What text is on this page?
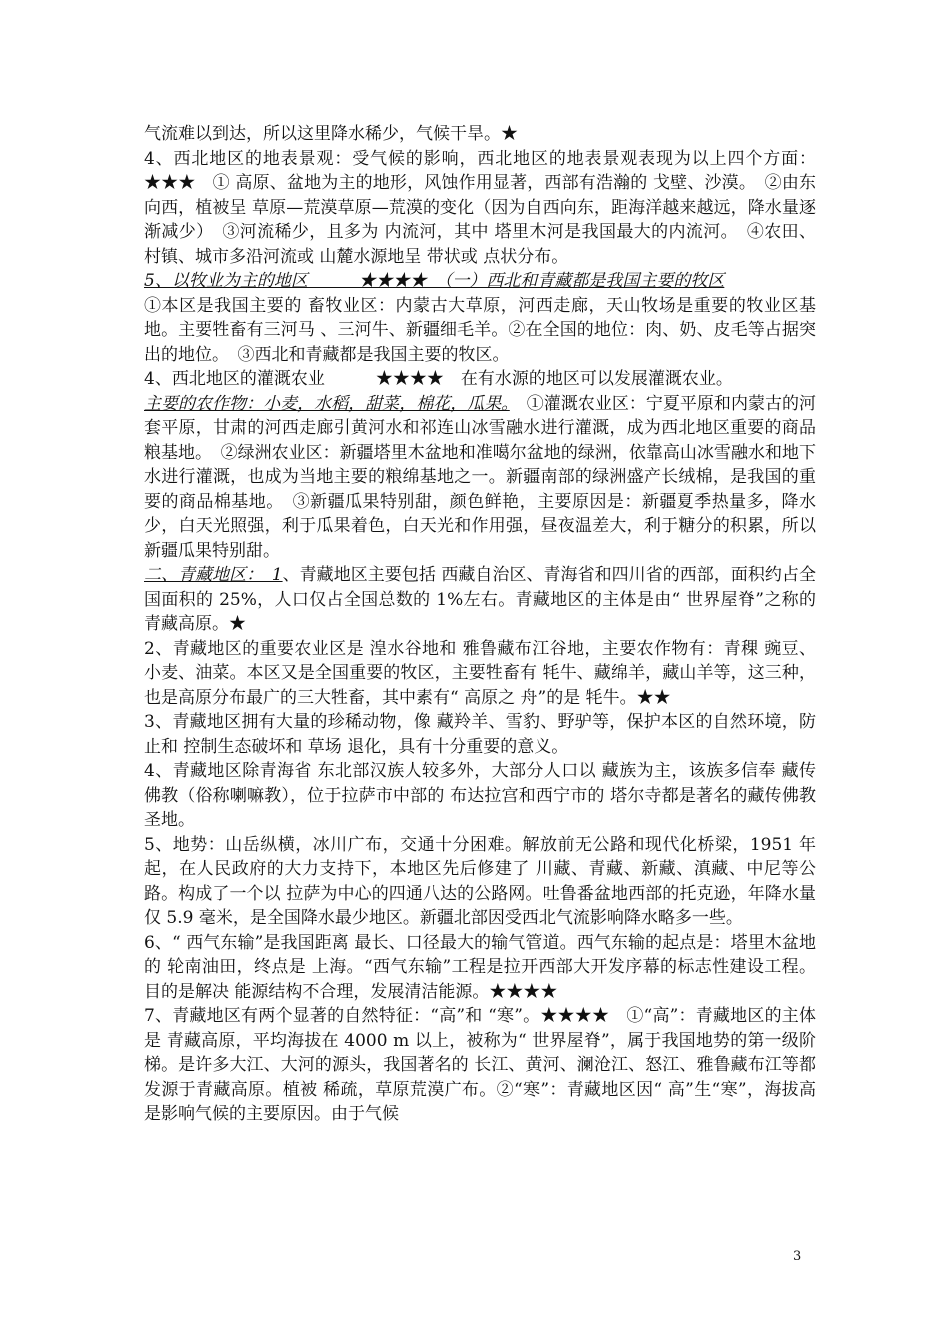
气流难以到达，所以这里降水稀少，气候干旱。★

4、西北地区的地表景观：受气候的影响，西北地区的地表景观表现为以上四个方面：★★★　① 高原、盆地为主的地形，风蚀作用显著，西部有浩瀚的 戈壁、沙漠。　②由东向西，植被呈 草原—荒漠草原—荒漠的变化（因为自西向东，距海洋越来越远，降水量逐渐减少）　③河流稀少，且多为 内流河，其中 塔里木河是我国最大的内流河。　④农田、村镇、城市多沿河流或 山麓水源地呈 带状或 点状分布。

5、以牧业为主的地区　　　★★★★　（一）西北和青藏都是我国主要的牧区

①本区是我国主要的 畜牧业区：内蒙古大草原，河西走廊，天山牧场是重要的牧业区基地。主要牲畜有三河马 、三河牛、新疆细毛羊。②在全国的地位：肉、奶、皮毛等占据突出的地位。　③西北和青藏都是我国主要的牧区。

4、西北地区的灌溉农业　　　★★★★　在有水源的地区可以发展灌溉农业。

主要的农作物：小麦，水稻，甜菜，棉花，瓜果。　①灌溉农业区：宁夏平原和内蒙古的河套平原，甘肃的河西走廊引黄河水和祁连山冰雪融水进行灌溉，成为西北地区重要的商品粮基地。　②绿洲农业区：新疆塔里木盆地和准噶尔盆地的绿洲，依靠高山冰雪融水和地下水进行灌溉，也成为当地主要的粮绵基地之一。新疆南部的绿洲盛产长绒棉，是我国的重要的商品棉基地。　③新疆瓜果特别甜，颜色鲜艳，主要原因是：新疆夏季热量多，降水少，白天光照强，利于瓜果着色，白天光和作用强，昼夜温差大，利于糖分的积累，所以新疆瓜果特别甜。

二、青藏地区：　1、青藏地区主要包括 西藏自治区、青海省和四川省的西部，面积约占全国面积的 25%，人口仅占全国总数的 1%左右。青藏地区的主体是由“ 世界屋脊”之称的青藏高原。★

2、青藏地区的重要农业区是 湟水谷地和 雅鲁藏布江谷地，主要农作物有：青稞 豌豆、小麦、油菜。本区又是全国重要的牧区，主要牲畜有 牦牛、藏绵羊，藏山羊等，这三种，也是高原分布最广的三大牲畜，其中素有“ 高原之 舟”的是 牦牛。★★

3、青藏地区拥有大量的珍稀动物，像 藏羚羊、雪豹、野驴等，保护本区的自然环境，防止和 控制生态破坏和 草场 退化，具有十分重要的意义。

4、青藏地区除青海省 东北部汉族人较多外，大部分人口以 藏族为主，该族多信奉 藏传佛教（俗称喇嘛教），位于拉萨市中部的 布达拉宫和西宁市的 塔尔寺都是著名的藏传佛教圣地。

5、地势：山岳纵横，冰川广布，交通十分困难。解放前无公路和现代化桥梁，1951 年起，在人民政府的大力支持下，本地区先后修建了 川藏、青藏、新藏、滇藏、中尼等公路。构成了一个以 拉萨为中心的四通八达的公路网。吐鲁番盆地西部的托克逊，年降水量仅 5.9 毫米，是全国降水最少地区。新疆北部因受西北气流影响降水略多一些。

6、“ 西气东输”是我国距离 最长、口径最大的输气管道。西气东输的起点是：塔里木盆地的 轮南油田，终点是 上海。“西气东输”工程是拉开西部大开发序幕的标志性建设工程。目的是解决 能源结构不合理，发展清洁能源。★★★★

7、青藏地区有两个显著的自然特征：“高”和 “寒”。★★★★　①“高”：青藏地区的主体是 青藏高原，平均海拔在 4000 m 以上，被称为“ 世界屋脊”，属于我国地势的第一级阶梯。是许多大江、大河的源头，我国著名的 长江、黄河、澜沧江、怒江、雅鲁藏布江等都发源于青藏高原。植被 稀疏，草原荒漠广布。②“寒”：青藏地区因“ 高”生“寒”，海拔高是影响气候的主要原因。由于气候

3
